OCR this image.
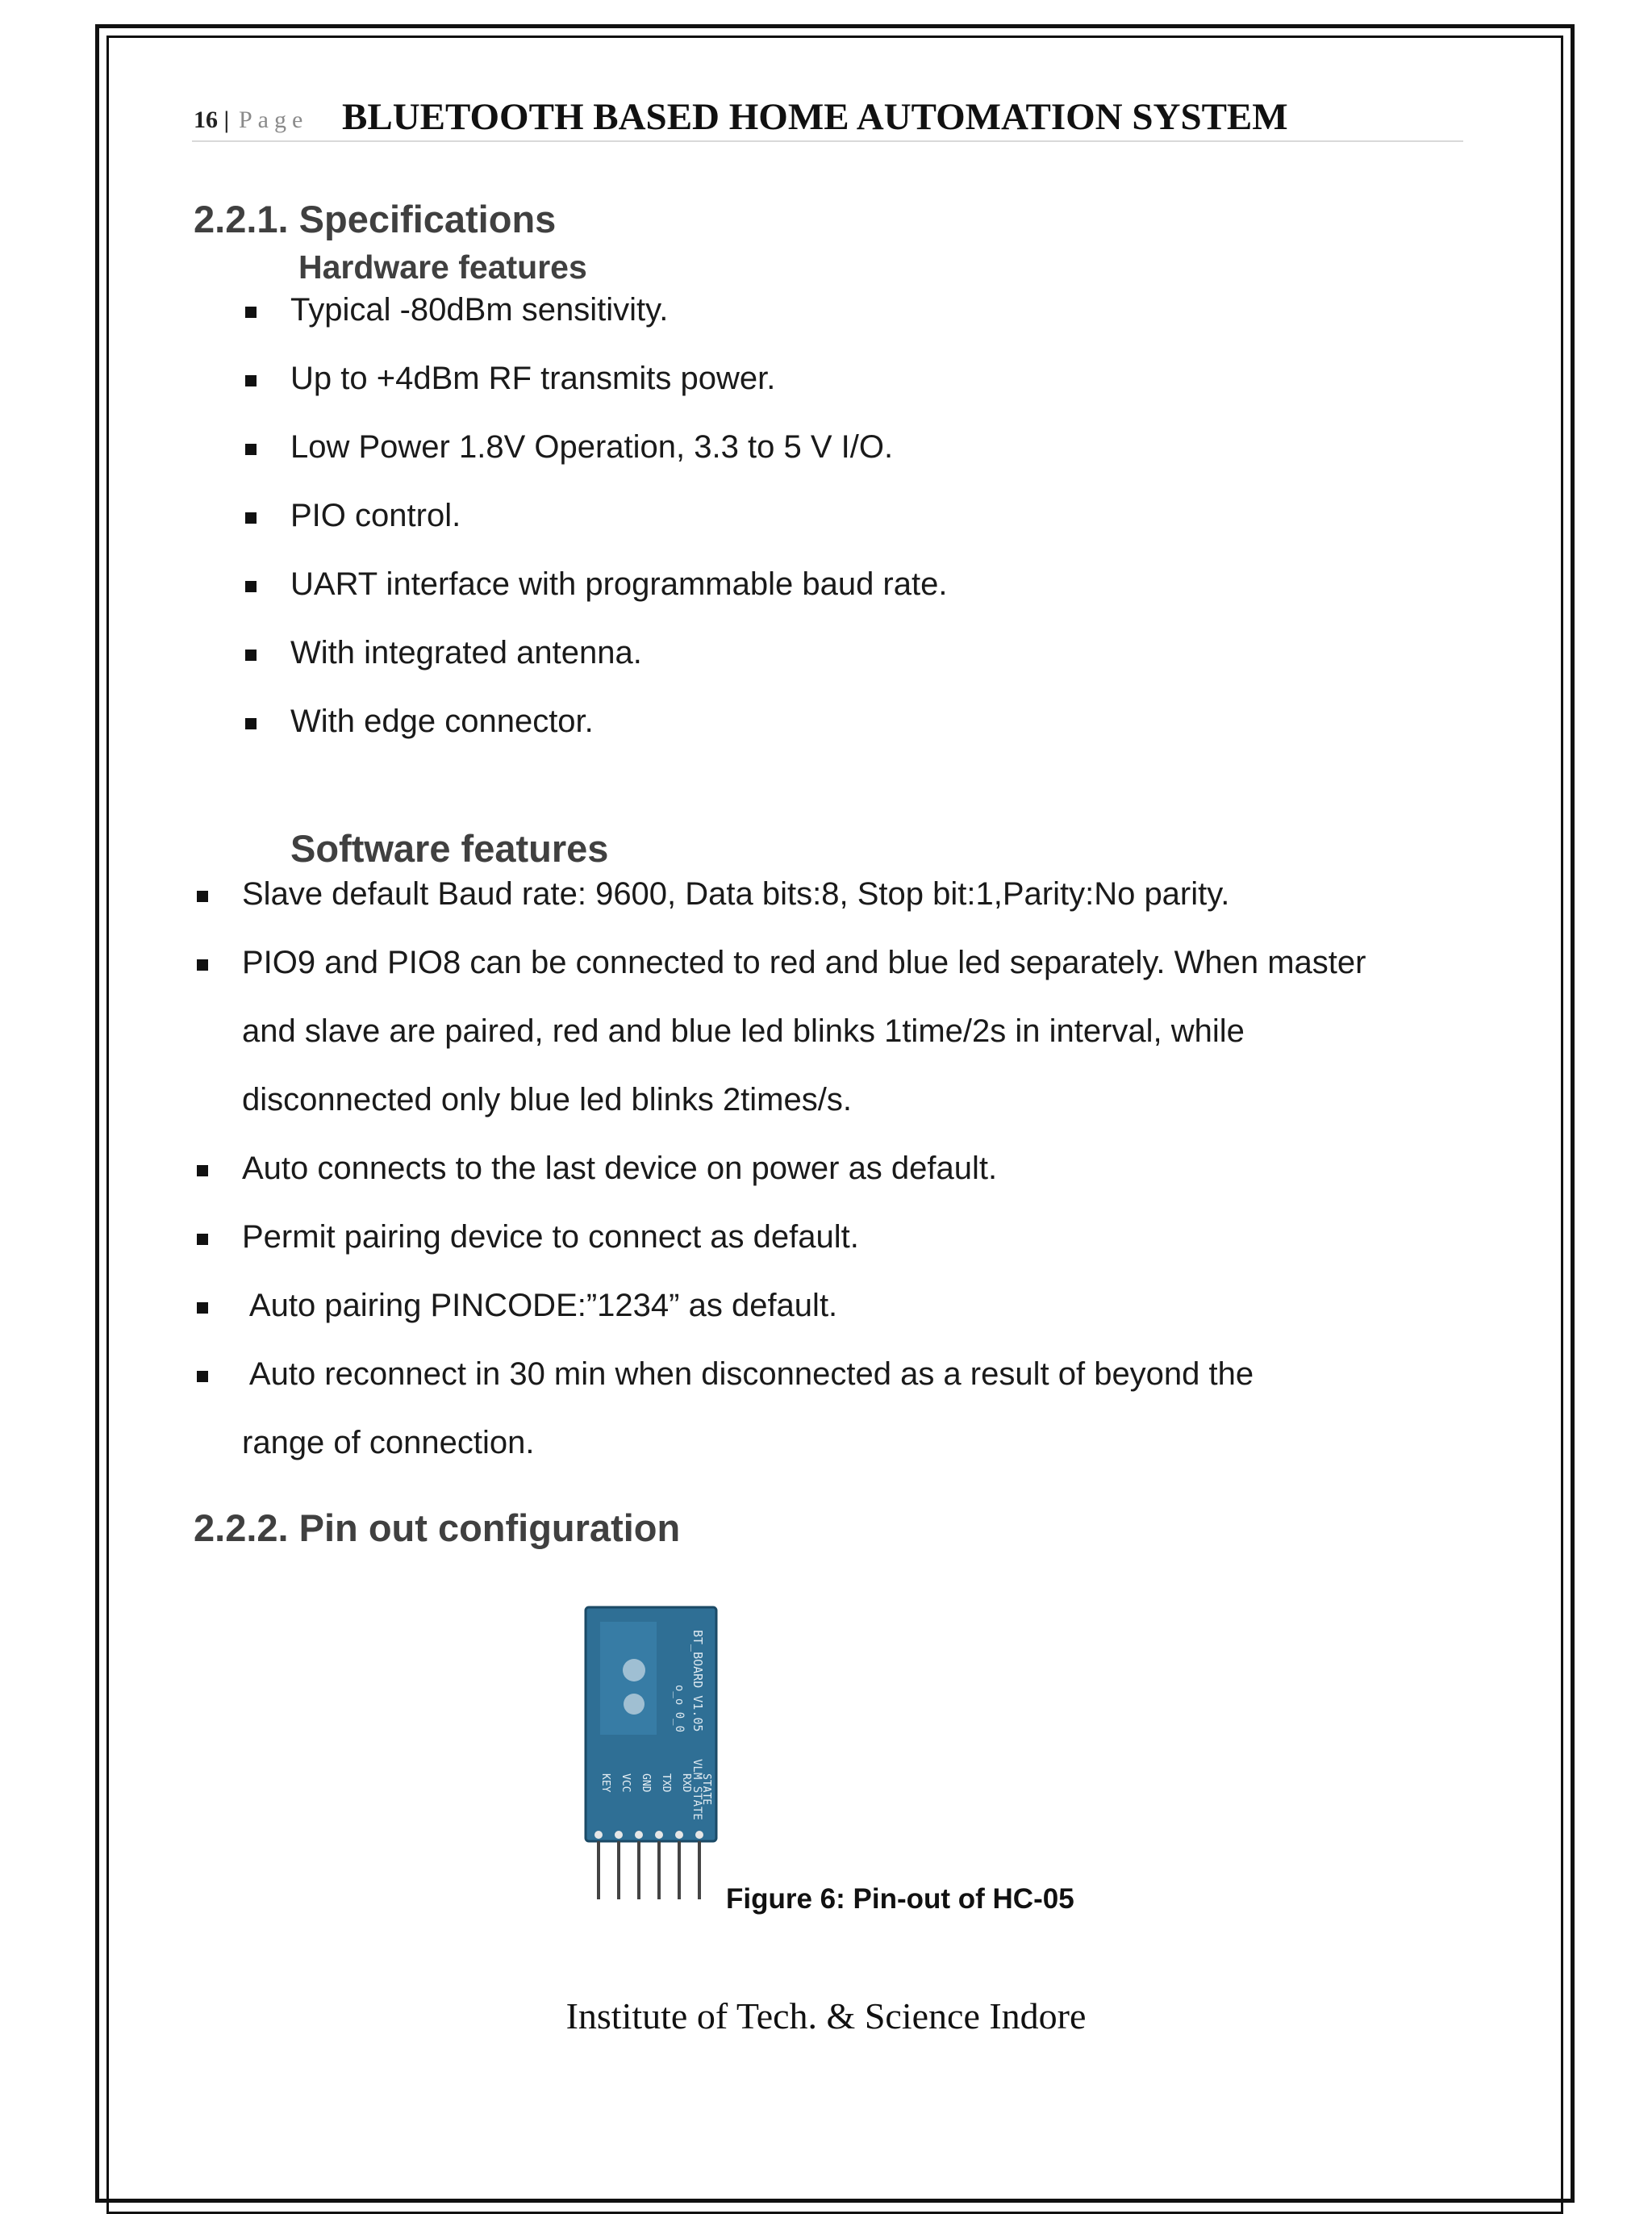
16 | Page BLUETOOTH BASED HOME AUTOMATION SYSTEM
2.2.1. Specifications
Hardware features
Typical -80dBm sensitivity.
Up to +4dBm RF transmits power.
Low Power 1.8V Operation, 3.3 to 5 V I/O.
PIO control.
UART interface with programmable baud rate.
With integrated antenna.
With edge connector.
Software features
Slave default Baud rate: 9600, Data bits:8, Stop bit:1,Parity:No parity.
PIO9 and PIO8 can be connected to red and blue led separately. When master
and slave are paired, red and blue led blinks 1time/2s in interval, while
disconnected only blue led blinks 2times/s.
Auto connects to the last device on power as default.
Permit pairing device to connect as default.
Auto pairing PINCODE:”1234” as default.
Auto reconnect in 30 min when disconnected as a result of beyond the
range of connection.
2.2.2. Pin out configuration
BT_BOARD V1.05
o_o 0_0
VLM STATE
KEY VCC GND TXD RXD STATE
Figure 6: Pin-out of HC-05
Institute of Tech. & Science Indore
